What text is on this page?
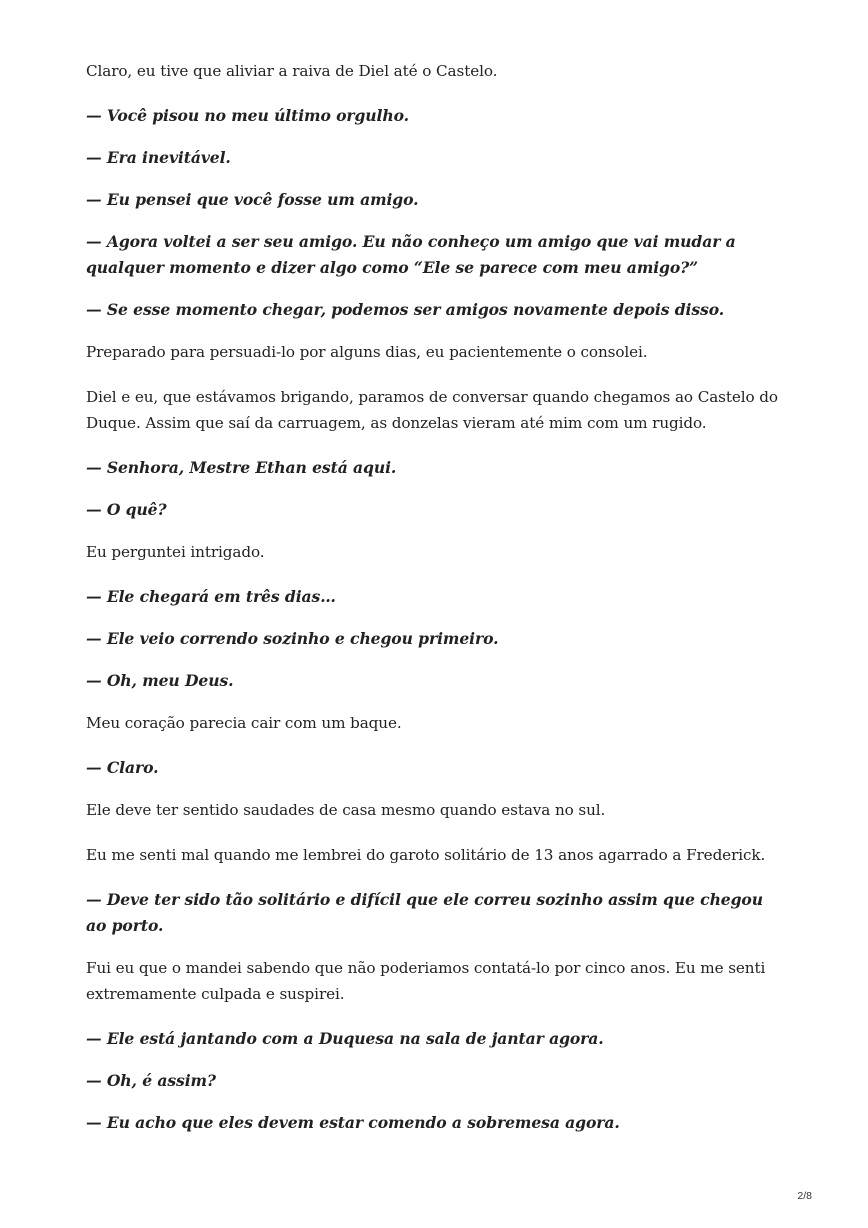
Claro, eu tive que aliviar a raiva de Diel até o Castelo.

— Você pisou no meu último orgulho.

— Era inevitável.

— Eu pensei que você fosse um amigo.

— Agora voltei a ser seu amigo. Eu não conheço um amigo que vai mudar a qualquer momento e dizer algo como “Ele se parece com meu amigo?”

— Se esse momento chegar, podemos ser amigos novamente depois disso.

Preparado para persuadi-lo por alguns dias, eu pacientemente o consolei.

Diel e eu, que estávamos brigando, paramos de conversar quando chegamos ao Castelo do Duque. Assim que saí da carruagem, as donzelas vieram até mim com um rugido.

— Senhora, Mestre Ethan está aqui.

— O quê?

Eu perguntei intrigado.

— Ele chegará em três dias…

— Ele veio correndo sozinho e chegou primeiro.

— Oh, meu Deus.

Meu coração parecia cair com um baque.

— Claro.

Ele deve ter sentido saudades de casa mesmo quando estava no sul.

Eu me senti mal quando me lembrei do garoto solitário de 13 anos agarrado a Frederick.

— Deve ter sido tão solitário e difícil que ele correu sozinho assim que chegou ao porto.

Fui eu que o mandei sabendo que não poderiamos contatá-lo por cinco anos. Eu me senti extremamente culpada e suspirei.

— Ele está jantando com a Duquesa na sala de jantar agora.

— Oh, é assim?

— Eu acho que eles devem estar comendo a sobremesa agora.

2/8
